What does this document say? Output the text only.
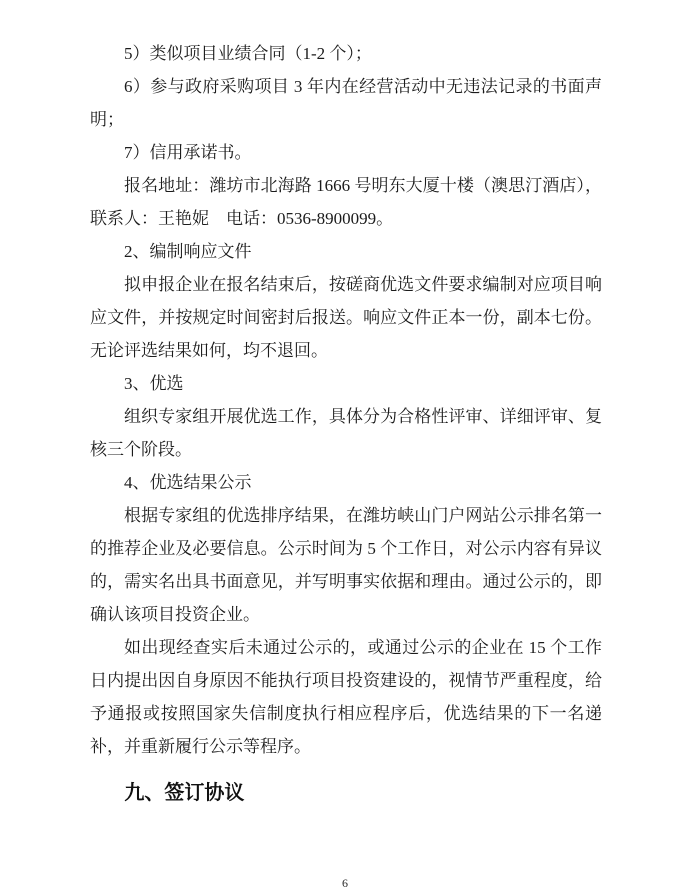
5）类似项目业绩合同（1-2 个）；

6）参与政府采购项目 3 年内在经营活动中无违法记录的书面声明；

7）信用承诺书。

报名地址：潍坊市北海路 1666 号明东大厦十楼（澳思汀酒店），联系人：王艳妮　电话：0536-8900099。

2、编制响应文件

拟申报企业在报名结束后，按磋商优选文件要求编制对应项目响应文件，并按规定时间密封后报送。响应文件正本一份，副本七份。无论评选结果如何，均不退回。

3、优选

组织专家组开展优选工作，具体分为合格性评审、详细评审、复核三个阶段。

4、优选结果公示

根据专家组的优选排序结果，在潍坊峡山门户网站公示排名第一的推荐企业及必要信息。公示时间为 5 个工作日，对公示内容有异议的，需实名出具书面意见，并写明事实依据和理由。通过公示的，即确认该项目投资企业。

如出现经查实后未通过公示的，或通过公示的企业在 15 个工作日内提出因自身原因不能执行项目投资建设的，视情节严重程度，给予通报或按照国家失信制度执行相应程序后，优选结果的下一名递补，并重新履行公示等程序。

九、签订协议
6
